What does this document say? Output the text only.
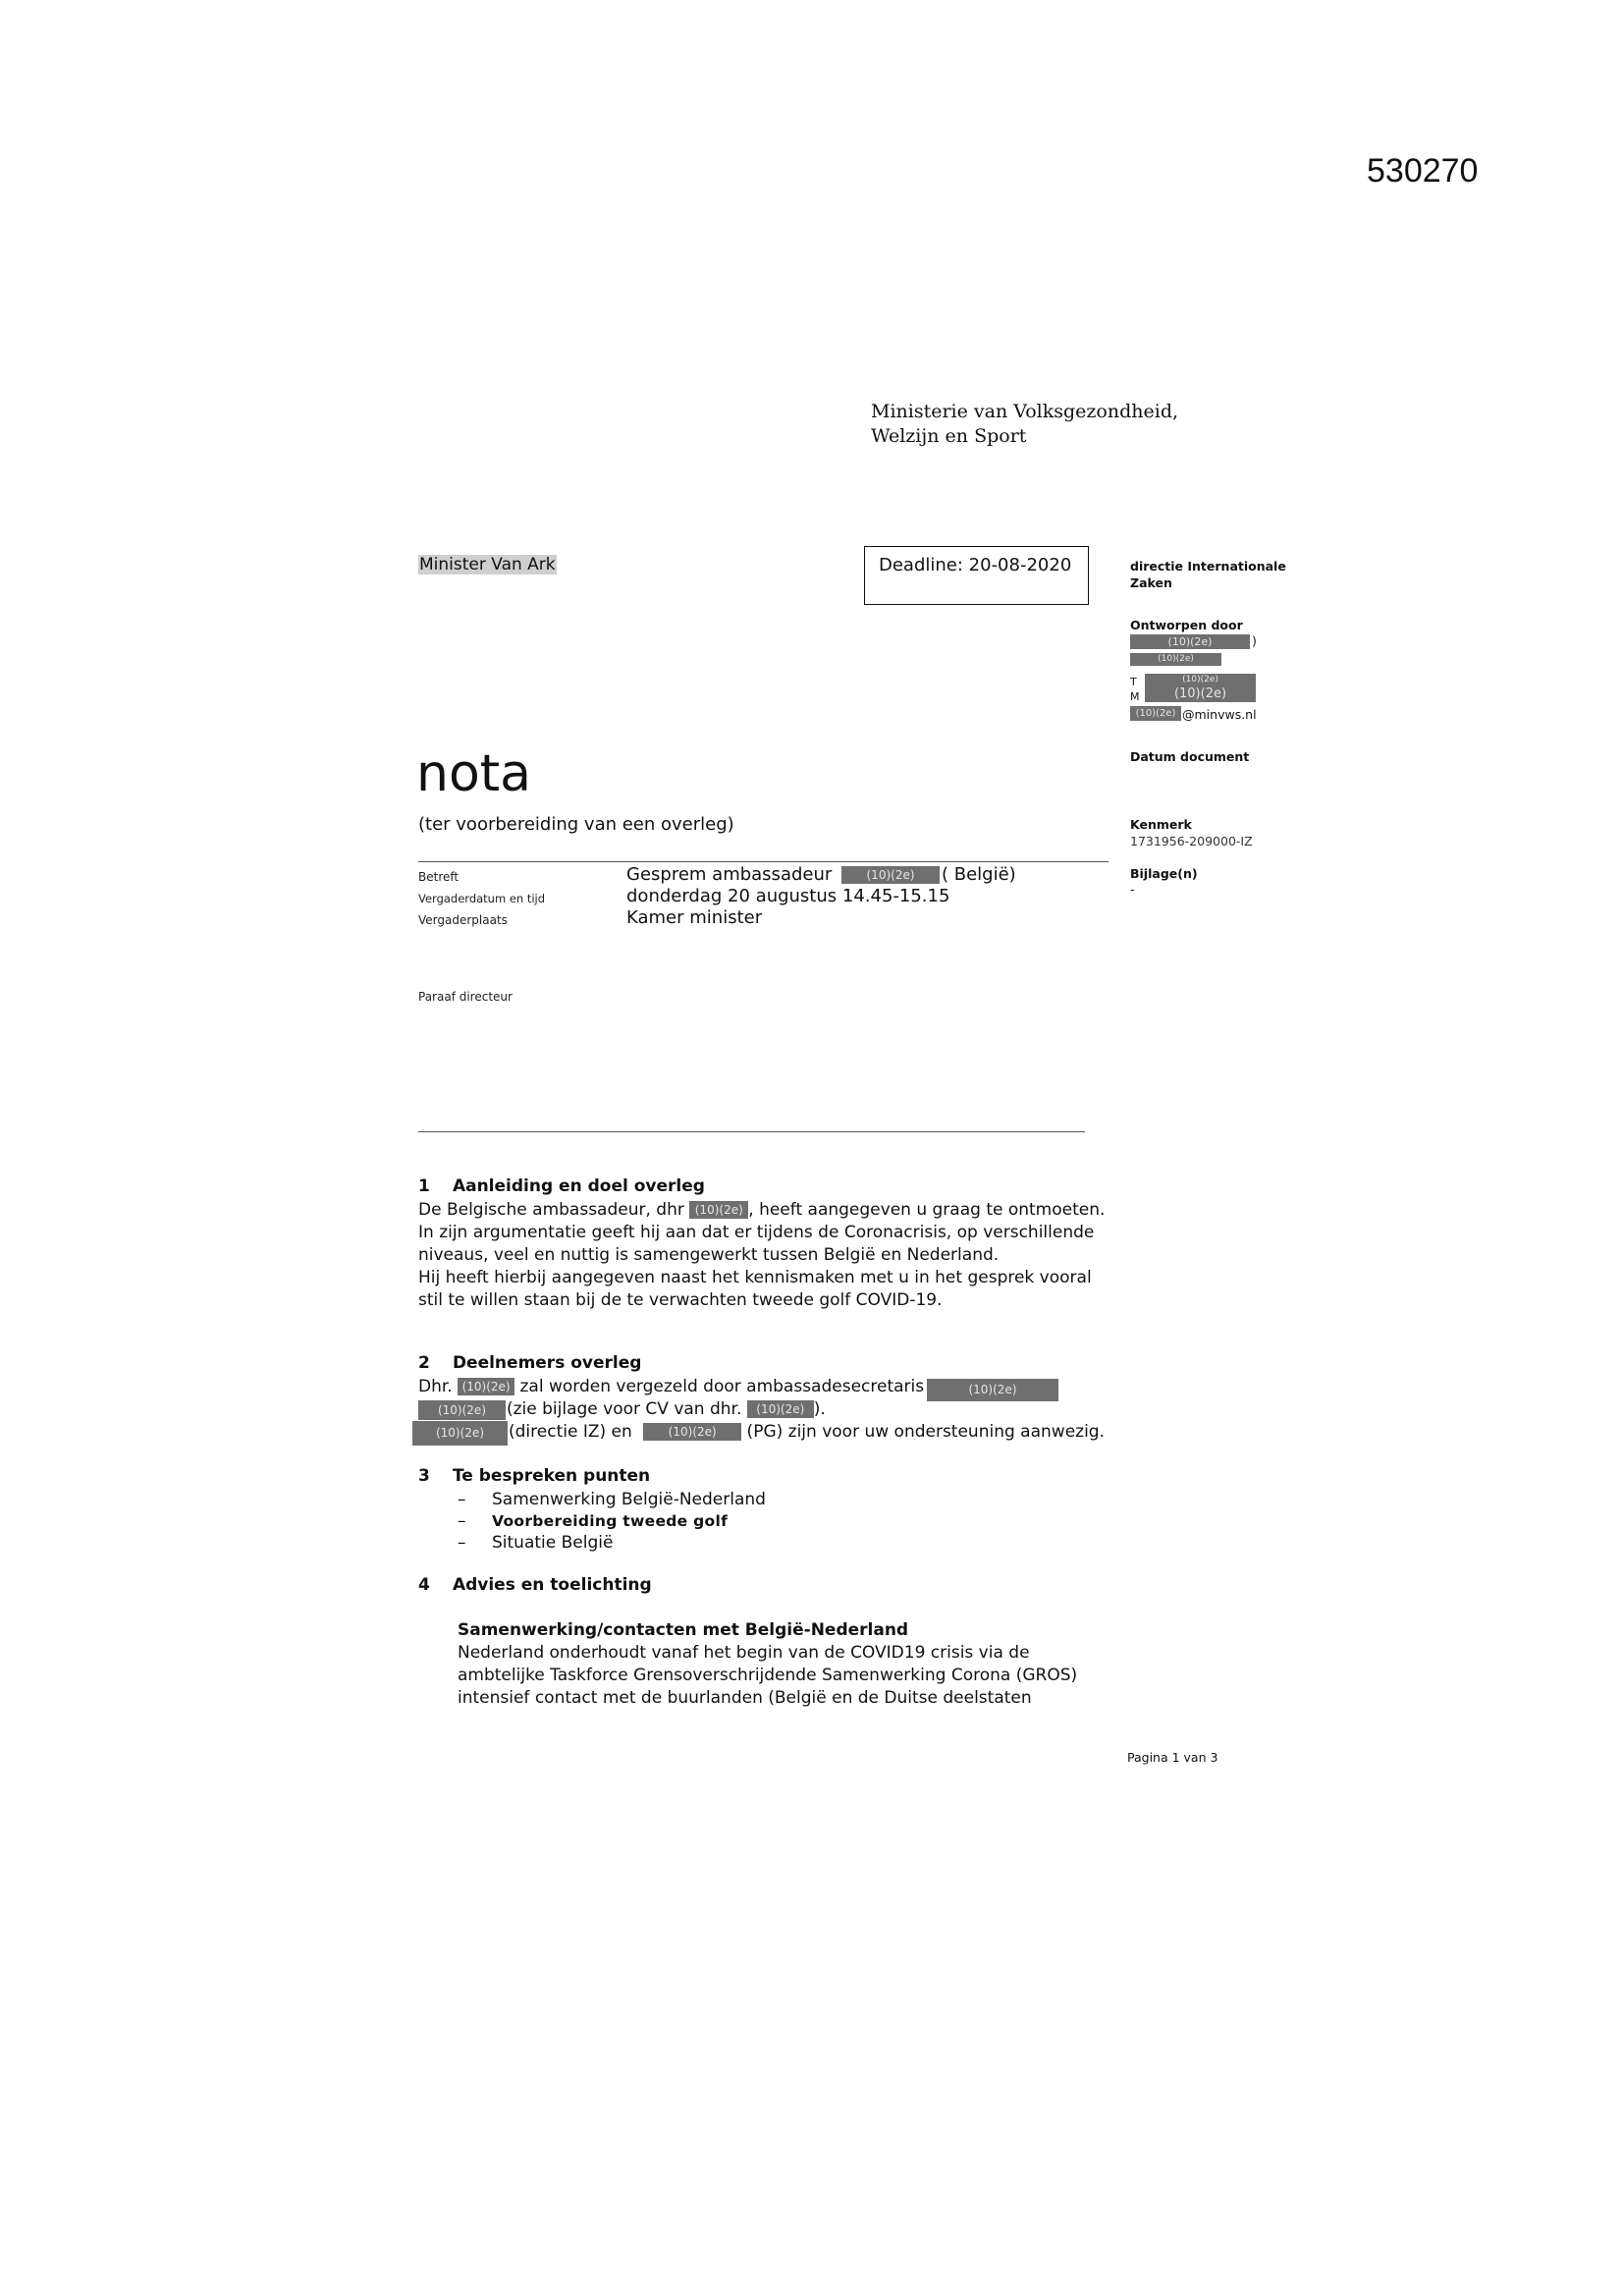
530270
Ministerie van Volksgezondheid,
Welzijn en Sport
Minister Van Ark	Deadline: 20-08-2020	directie Internationale
Zaken
Ontworpen door
(10)(2e)	)
(10)(2e)
T	(10)(2e)
M	(10)(2e)
(10)(2e) @minvws.nl
Datum document
Kenmerk
1731956-209000-IZ
Bijlage(n)
-
nota
(ter voorbereiding van een overleg)
Betreft	Gesprem ambassadeur	(10)(2e) ( België)
Vergaderdatum en tijd	donderdag 20 augustus 14.45-15.15
Vergaderplaats	Kamer minister
Paraaf directeur
1 Aanleiding en doel overleg
De Belgische ambassadeur, dhr (10)(2e) , heeft aangegeven u graag te ontmoeten.
In zijn argumentatie geeft hij aan dat er tijdens de Coronacrisis, op verschillende
niveaus, veel en nuttig is samengewerkt tussen België en Nederland.
Hij heeft hierbij aangegeven naast het kennismaken met u in het gesprek vooral
stil te willen staan bij de te verwachten tweede golf COVID-19.
2 Deelnemers overleg
Dhr. (10)(2e) zal worden vergezeld door ambassadesecretaris	(10)(2e)
(10)(2e)	(zie bijlage voor CV van dhr. (10)(2e) ).
(10)(2e)	(directie IZ) en	(10)(2e) (PG) zijn voor uw ondersteuning aanwezig.
3 Te bespreken punten
– Samenwerking België-Nederland
– Voorbereiding tweede golf
– Situatie België
4 Advies en toelichting
Samenwerking/contacten met België-Nederland
Nederland onderhoudt vanaf het begin van de COVID19 crisis via de
ambtelijke Taskforce Grensoverschrijdende Samenwerking Corona (GROS)
intensief contact met de buurlanden (België en de Duitse deelstaten
Pagina 1 van 3
